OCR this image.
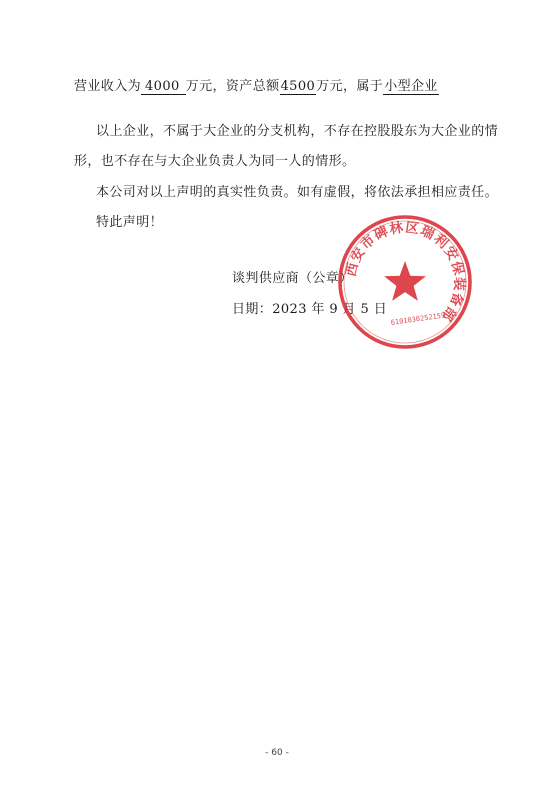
营业收入为 4000 万元，资产总额4500万元，属于小型企业
以上企业，不属于大企业的分支机构，不存在控股股东为大企业的情
形，也不存在与大企业负责人为同一人的情形。
本公司对以上声明的真实性负责。如有虚假，将依法承担相应责任。
特此声明！
谈判供应商（公章）
日期：2023 年 9 月 5 日
西安市碑林区瑞利安保装备部
6101030252159
- 60 -
